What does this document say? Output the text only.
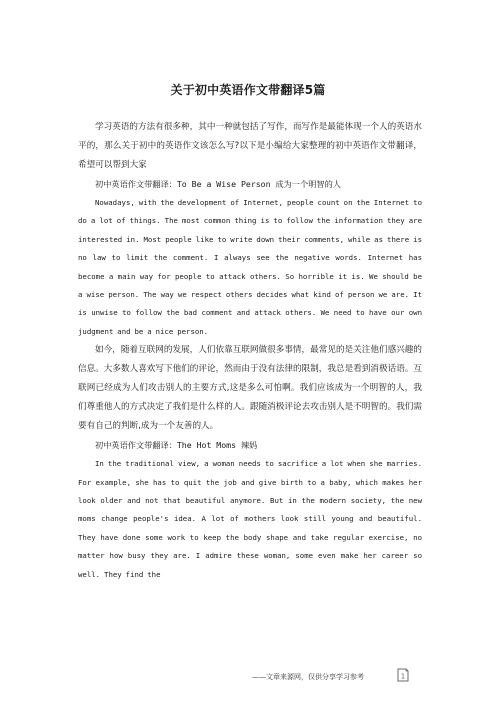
关于初中英语作文带翻译5篇

学习英语的方法有很多种，其中一种就包括了写作，而写作是最能体现一个人的英语水平的，那么关于初中的英语作文该怎么写?以下是小编给大家整理的初中英语作文带翻译，希望可以帮到大家

初中英语作文带翻译：To Be a Wise Person 成为一个明智的人

Nowadays, with the development of Internet, people count on the Internet to do a lot of things. The most common thing is to follow the information they are interested in. Most people like to write down their comments, while as there is no law to limit the comment. I always see the negative words. Internet has become a main way for people to attack others. So horrible it is. We should be a wise person. The way we respect others decides what kind of person we are. It is unwise to follow the bad comment and attack others. We need to have our own judgment and be a nice person.

如今，随着互联网的发展，人们依靠互联网做很多事情，最常见的是关注他们感兴趣的信息。大多数人喜欢写下他们的评论，然而由于没有法律的限制，我总是看到消极话语。互联网已经成为人们攻击别人的主要方式,这是多么可怕啊。我们应该成为一个明智的人，我们尊重他人的方式决定了我们是什么样的人。跟随消极评论去攻击别人是不明智的。我们需要有自己的判断,成为一个友善的人。

初中英语作文带翻译：The Hot Moms 辣妈

In the traditional view, a woman needs to sacrifice a lot when she marries. For example, she has to quit the job and give birth to a baby, which makes her look older and not that beautiful anymore. But in the modern society, the new moms change people's idea. A lot of mothers look still young and beautiful. They have done some work to keep the body shape and take regular exercise, no matter how busy they are. I admire these woman, some even make her career so well. They find the

——文章来源网，仅供分享学习参考	1
